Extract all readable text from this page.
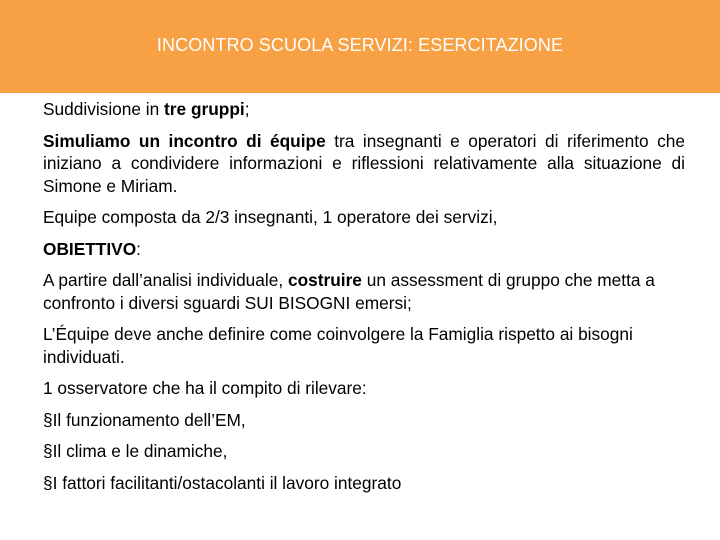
INCONTRO SCUOLA SERVIZI: ESERCITAZIONE

Suddivisione in tre gruppi;

Simuliamo un incontro di équipe tra insegnanti e operatori di riferimento che iniziano a condividere informazioni e riflessioni relativamente alla situazione di Simone e Miriam.

Equipe composta da 2/3 insegnanti, 1 operatore dei servizi,

OBIETTIVO:

A partire dall’analisi individuale, costruire un assessment di gruppo che metta a confronto i diversi sguardi SUI BISOGNI emersi;

L’Équipe deve anche definire come coinvolgere la Famiglia rispetto ai bisogni individuati.

1 osservatore che ha il compito di rilevare:

§ Il funzionamento dell’EM,

§ Il clima e le dinamiche,

§ I fattori facilitanti/ostacolanti il lavoro integrato
